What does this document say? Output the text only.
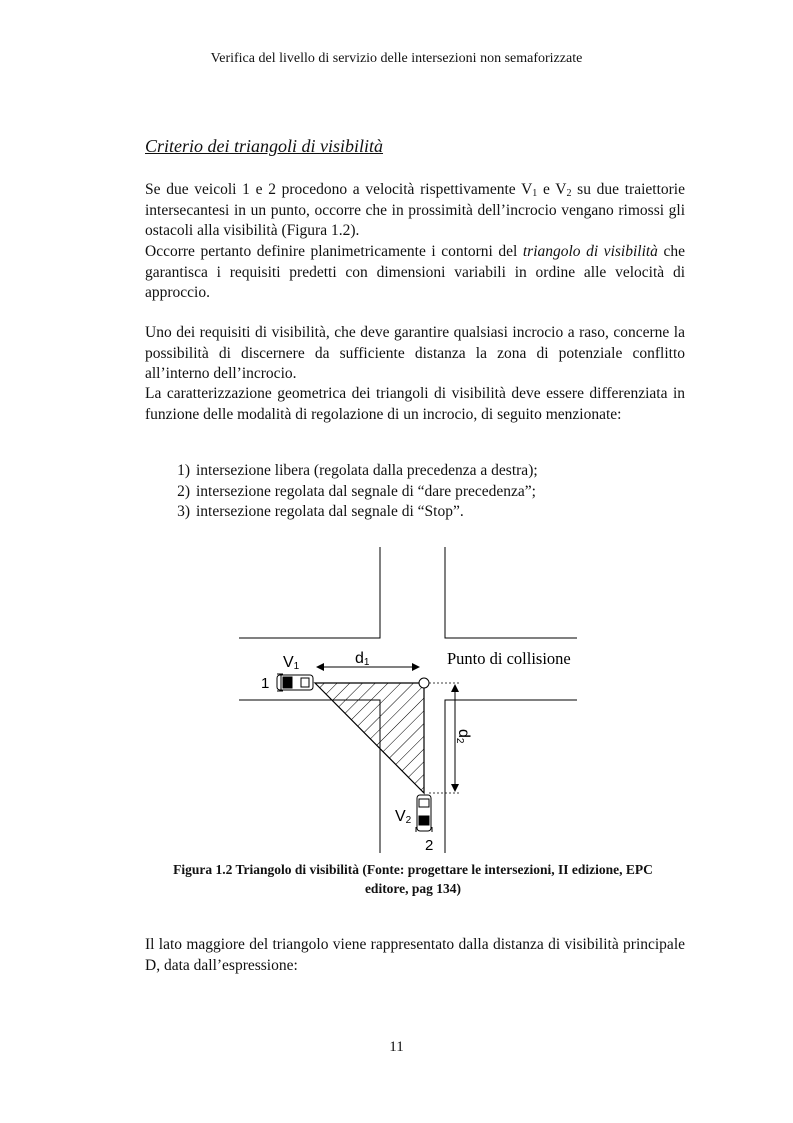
Verifica del livello di servizio delle intersezioni non semaforizzate
Criterio dei triangoli di visibilità

Se due veicoli 1 e 2 procedono a velocità rispettivamente $V_1$ e $V_2$ su due traiettorie intersecantesi in un punto, occorre che in prossimità dell’incrocio vengano rimossi gli ostacoli alla visibilità (Figura 1.2).

Occorre pertanto definire planimetricamente i contorni del triangolo di visibilità che garantisca i requisiti predetti con dimensioni variabili in ordine alle velocità di approccio.

Uno dei requisiti di visibilità, che deve garantire qualsiasi incrocio a raso, concerne la possibilità di discernere da sufficiente distanza la zona di potenziale conflitto all’interno dell’incrocio.

La caratterizzazione geometrica dei triangoli di visibilità deve essere differenziata in funzione delle modalità di regolazione di un incrocio, di seguito menzionate:

1) intersezione libera (regolata dalla precedenza a destra);
2) intersezione regolata dal segnale di “dare precedenza”;
3) intersezione regolata dal segnale di “Stop”.
V1
1
d1	Punto di collisione
d2
V2
2
Figura 1.2 Triangolo di visibilità (Fonte: progettare le intersezioni, II edizione, EPC
editore, pag 134)

Il lato maggiore del triangolo viene rappresentato dalla distanza di visibilità principale D, data dall’espressione:

11
